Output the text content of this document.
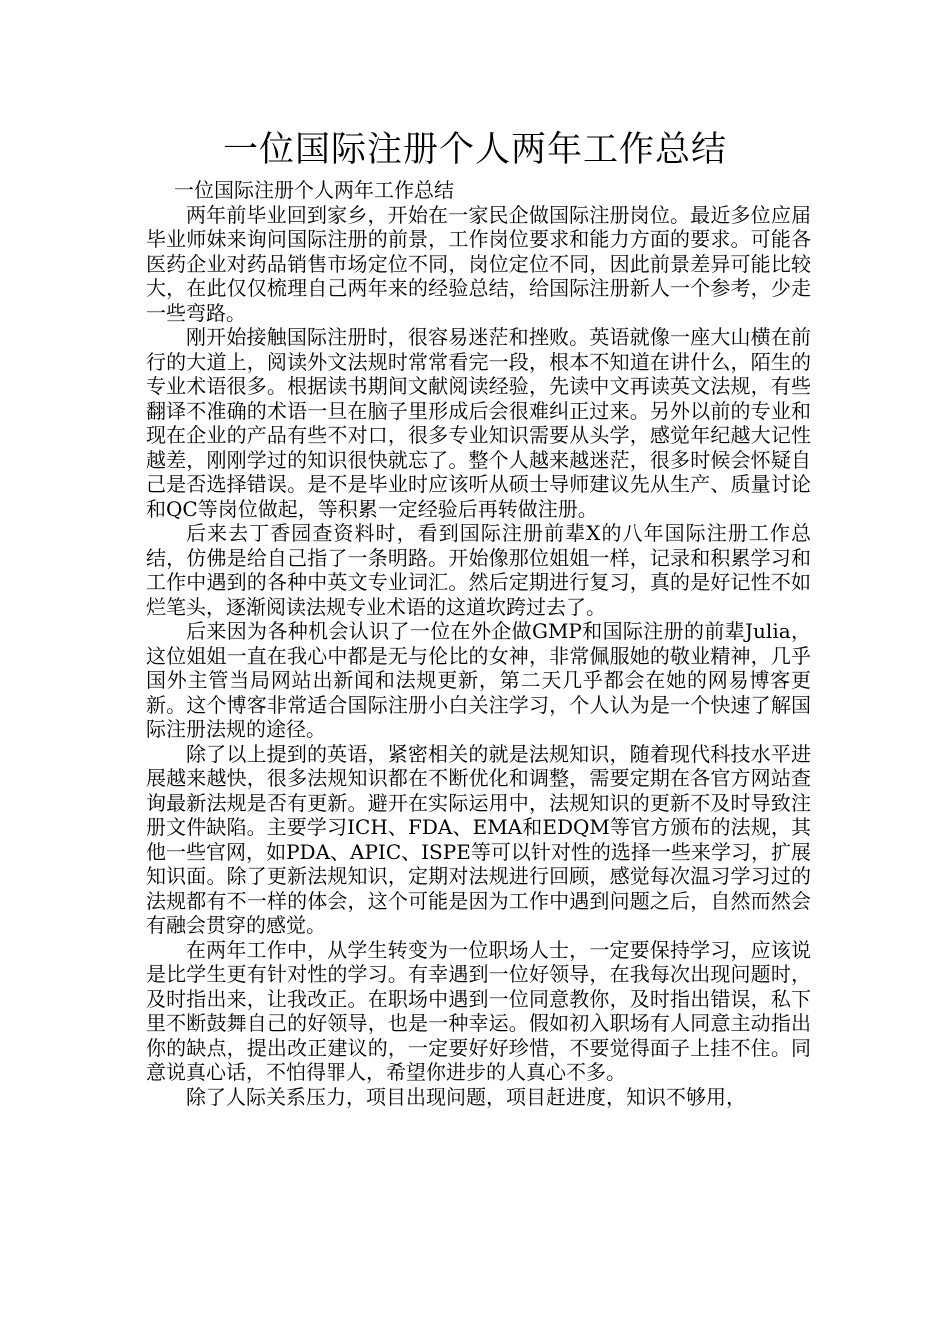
一位国际注册个人两年工作总结

一位国际注册个人两年工作总结

两年前毕业回到家乡，开始在一家民企做国际注册岗位。最近多位应届毕业师妹来询问国际注册的前景，工作岗位要求和能力方面的要求。可能各医药企业对药品销售市场定位不同，岗位定位不同，因此前景差异可能比较大，在此仅仅梳理自己两年来的经验总结，给国际注册新人一个参考，少走一些弯路。

刚开始接触国际注册时，很容易迷茫和挫败。英语就像一座大山横在前行的大道上，阅读外文法规时常常看完一段，根本不知道在讲什么，陌生的专业术语很多。根据读书期间文献阅读经验，先读中文再读英文法规，有些翻译不准确的术语一旦在脑子里形成后会很难纠正过来。另外以前的专业和现在企业的产品有些不对口，很多专业知识需要从头学，感觉年纪越大记性越差，刚刚学过的知识很快就忘了。整个人越来越迷茫，很多时候会怀疑自己是否选择错误。是不是毕业时应该听从硕士导师建议先从生产、质量讨论和QC等岗位做起，等积累一定经验后再转做注册。

后来去丁香园查资料时，看到国际注册前辈X的八年国际注册工作总结，仿佛是给自己指了一条明路。开始像那位姐姐一样，记录和积累学习和工作中遇到的各种中英文专业词汇。然后定期进行复习，真的是好记性不如烂笔头，逐渐阅读法规专业术语的这道坎跨过去了。

后来因为各种机会认识了一位在外企做GMP和国际注册的前辈Julia，这位姐姐一直在我心中都是无与伦比的女神，非常佩服她的敬业精神，几乎国外主管当局网站出新闻和法规更新，第二天几乎都会在她的网易博客更新。这个博客非常适合国际注册小白关注学习，个人认为是一个快速了解国际注册法规的途径。

除了以上提到的英语，紧密相关的就是法规知识，随着现代科技水平进展越来越快，很多法规知识都在不断优化和调整，需要定期在各官方网站查询最新法规是否有更新。避开在实际运用中，法规知识的更新不及时导致注册文件缺陷。主要学习ICH、FDA、EMA和EDQM等官方颁布的法规，其他一些官网，如PDA、APIC、ISPE等可以针对性的选择一些来学习，扩展知识面。除了更新法规知识，定期对法规进行回顾，感觉每次温习学习过的法规都有不一样的体会，这个可能是因为工作中遇到问题之后，自然而然会有融会贯穿的感觉。

在两年工作中，从学生转变为一位职场人士，一定要保持学习，应该说是比学生更有针对性的学习。有幸遇到一位好领导，在我每次出现问题时，及时指出来，让我改正。在职场中遇到一位同意教你，及时指出错误，私下里不断鼓舞自己的好领导，也是一种幸运。假如初入职场有人同意主动指出你的缺点，提出改正建议的，一定要好好珍惜，不要觉得面子上挂不住。同意说真心话，不怕得罪人，希望你进步的人真心不多。

除了人际关系压力，项目出现问题，项目赶进度，知识不够用，
